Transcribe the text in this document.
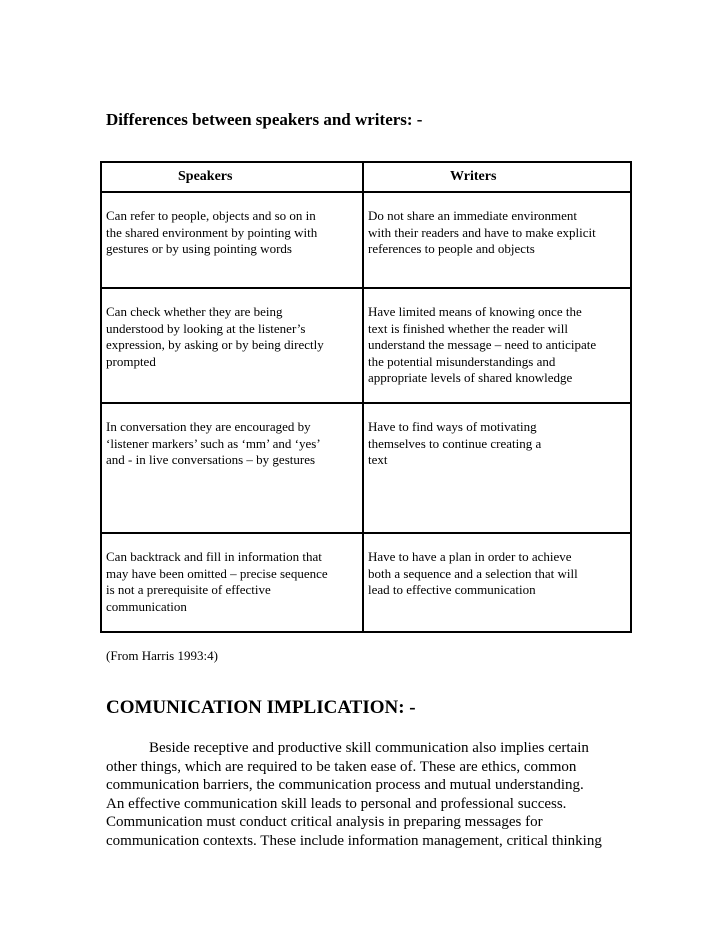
Differences between speakers and writers: -
Speakers	Writers

Can refer to people, objects and so on in
the shared environment by pointing with
gestures or by using pointing words	Do not share an immediate environment
with their readers and have to make explicit
references to people and objects

Can check whether they are being
understood by looking at the listener’s
expression, by asking or by being directly
prompted	Have limited means of knowing once the
text is finished whether the reader will
understand the message – need to anticipate
the potential misunderstandings and
appropriate levels of shared knowledge

In conversation they are encouraged by
‘listener markers’ such as ‘mm’ and ‘yes’
and - in live conversations – by gestures	Have to find ways of motivating
themselves to continue creating a
text

Can backtrack and fill in information that
may have been omitted – precise sequence
is not a prerequisite of effective
communication	Have to have a plan in order to achieve
both a sequence and a selection that will
lead to effective communication
(From Harris 1993:4)
COMUNICATION IMPLICATION: -
Beside receptive and productive skill communication also implies certain
other things, which are required to be taken ease of. These are ethics, common
communication barriers, the communication process and mutual understanding.
An effective communication skill leads to personal and professional success.
Communication must conduct critical analysis in preparing messages for
communication contexts. These include information management, critical thinking
